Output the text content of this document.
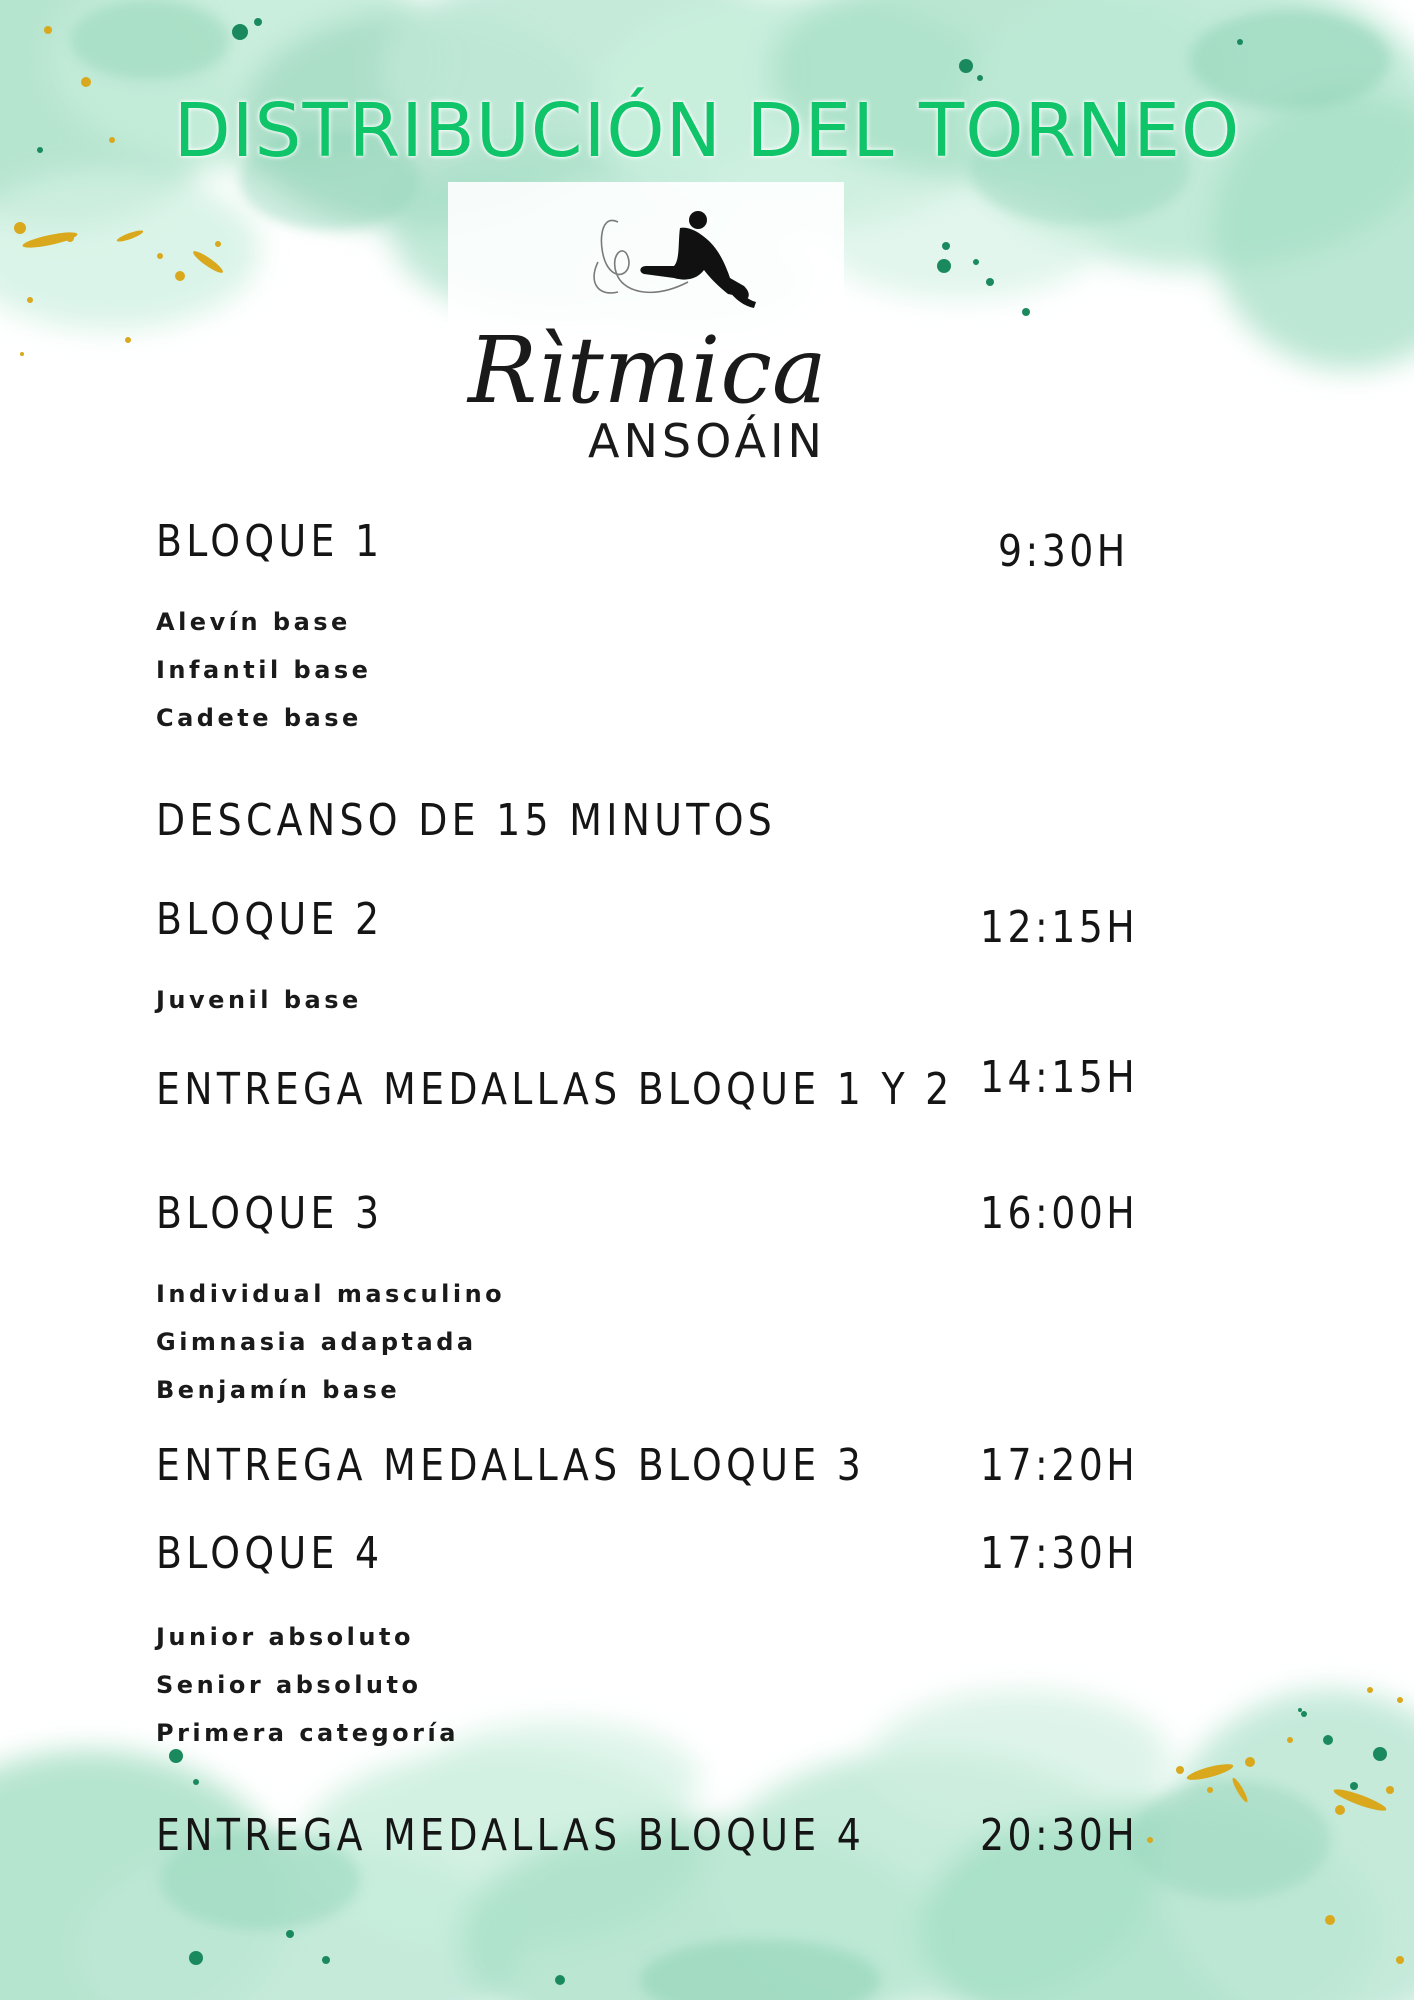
DISTRIBUCIÓN DEL TORNEO
Rìtmica
ANSOÁIN
BLOQUE 1	9:30H
Alevín base
Infantil base
Cadete base
DESCANSO DE 15 MINUTOS
BLOQUE 2	12:15H
Juvenil base
ENTREGA MEDALLAS BLOQUE 1 Y 2 14:15H
BLOQUE 3	16:00H
Individual masculino
Gimnasia adaptada
Benjamín base
ENTREGA MEDALLAS BLOQUE 3	17:20H
BLOQUE 4	17:30H
Junior absoluto
Senior absoluto
Primera categoría
ENTREGA MEDALLAS BLOQUE 4	20:30H
